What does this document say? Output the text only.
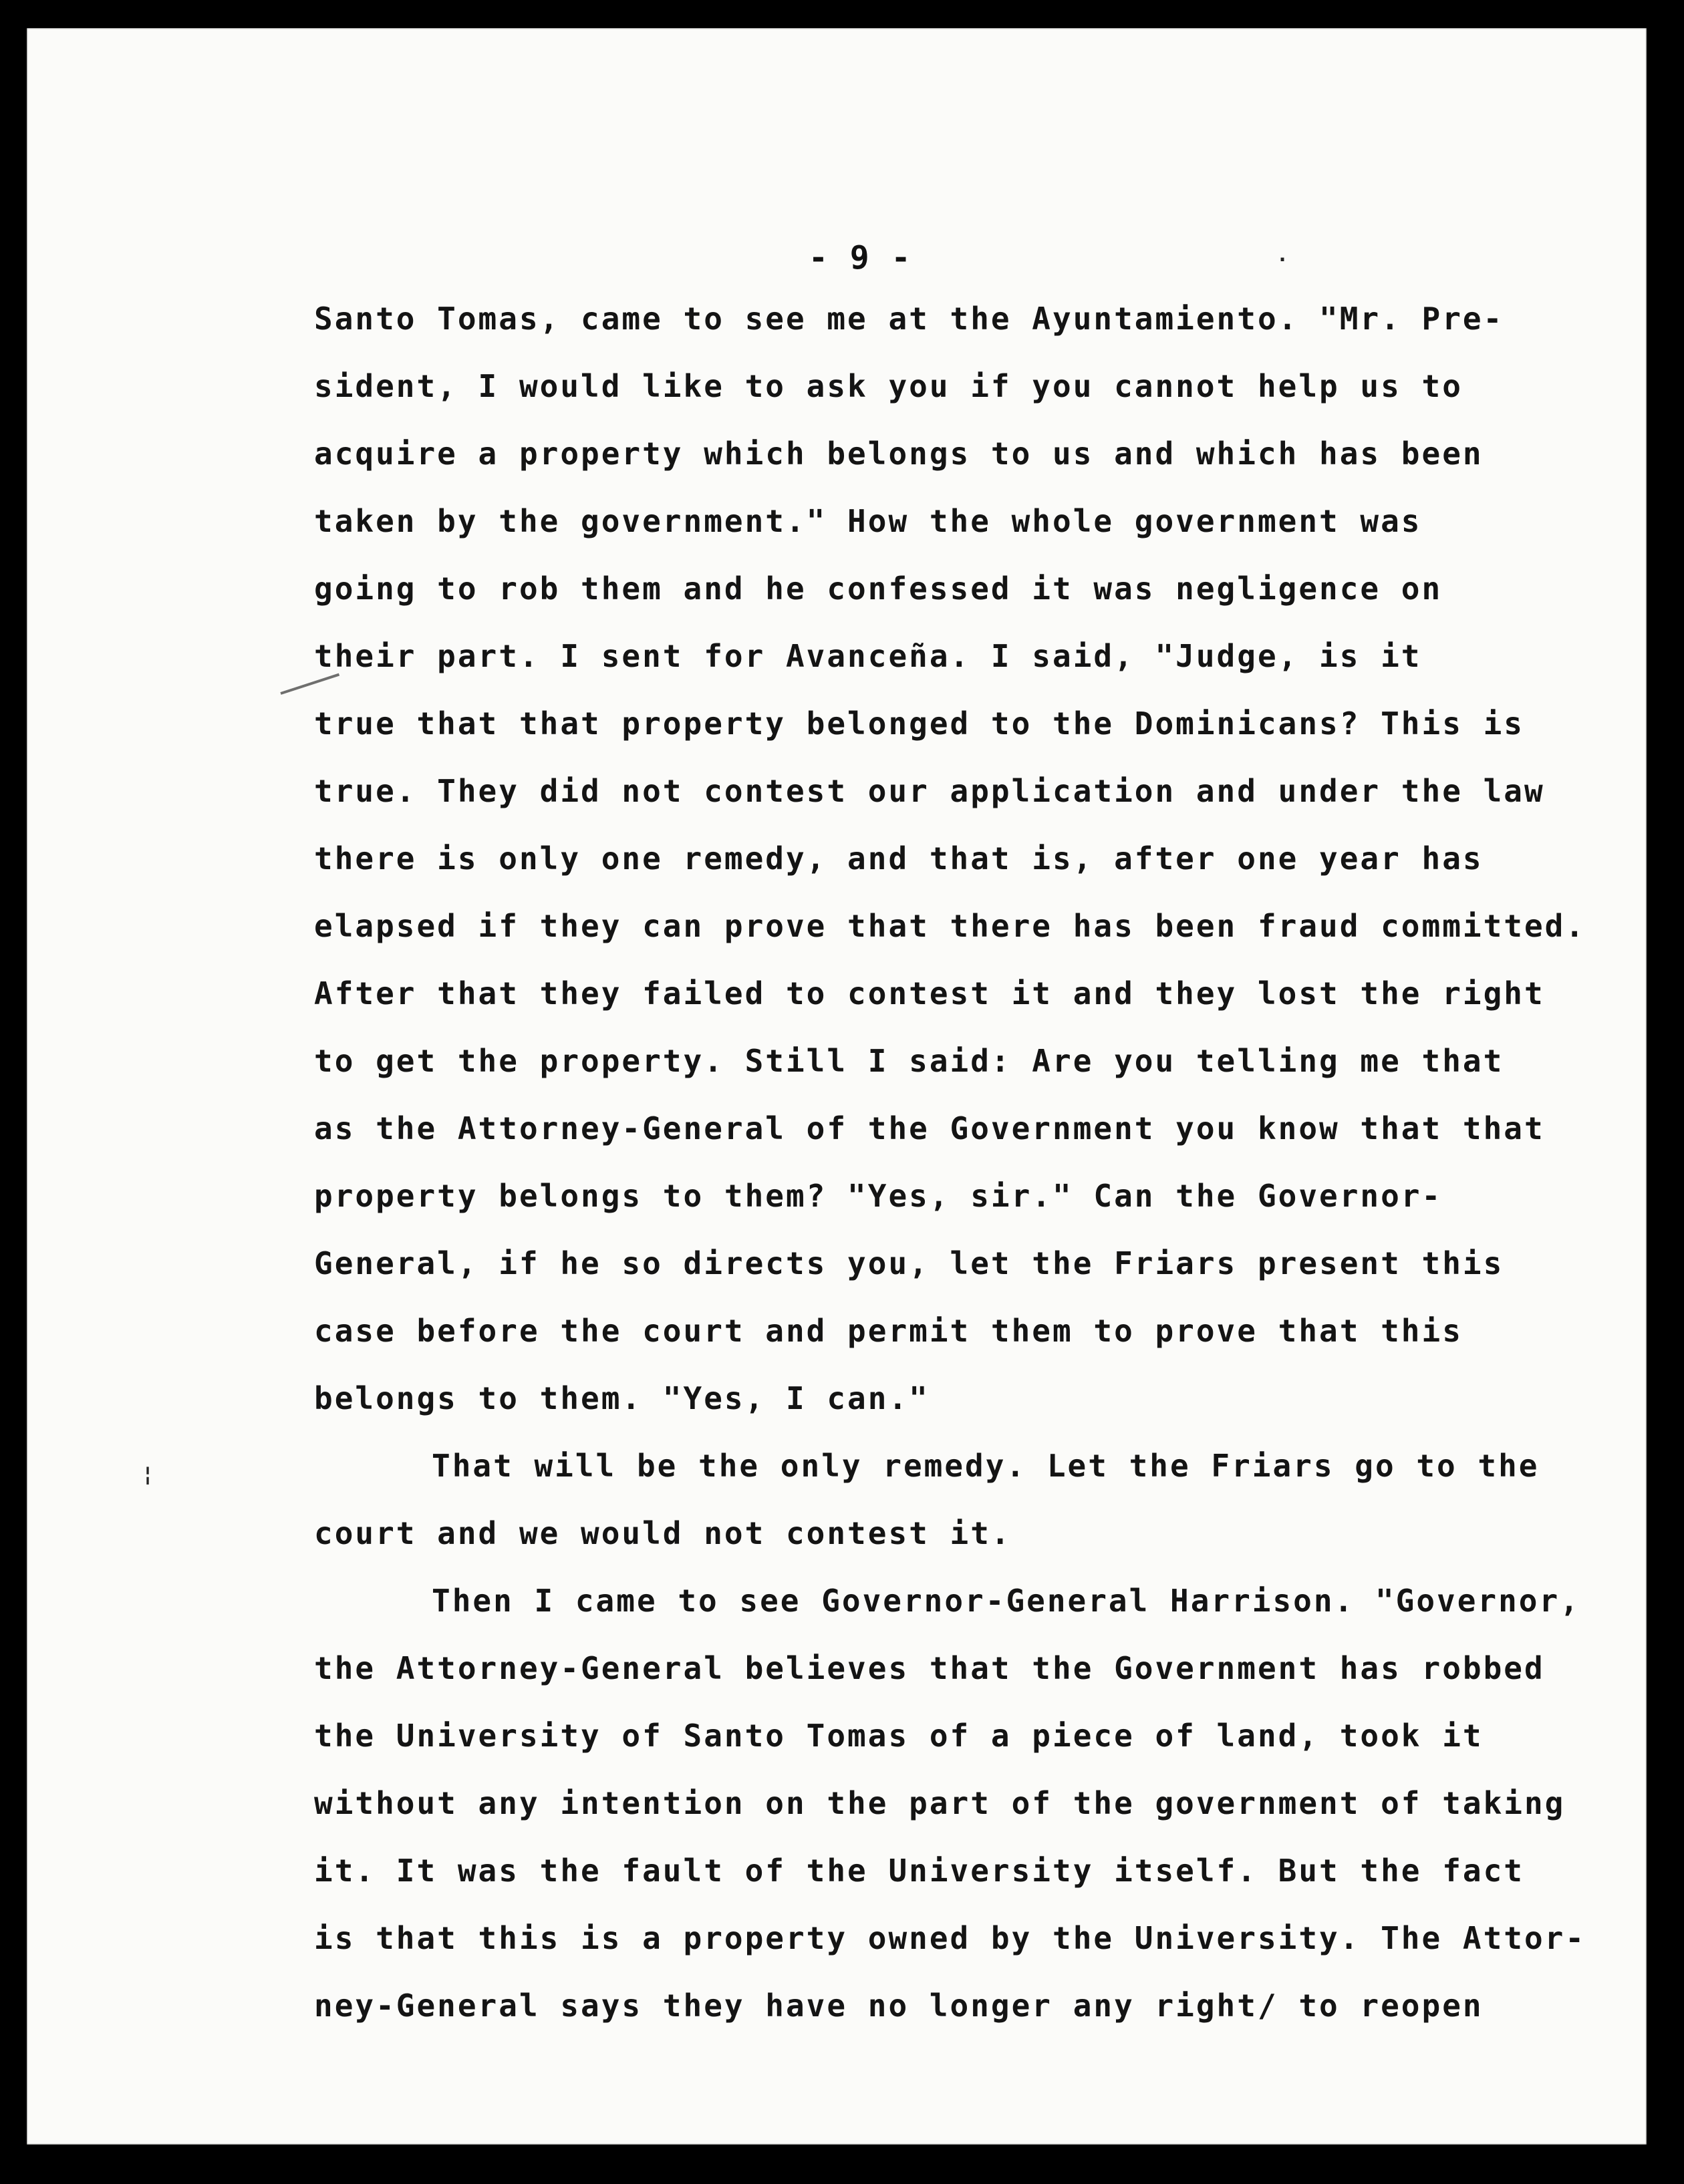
- 9 -	·
¦
Santo Tomas, came to see me at the Ayuntamiento. "Mr. Pre-
sident, I would like to ask you if you cannot help us to
acquire a property which belongs to us and which has been
taken by the government." How the whole government was
going to rob them and he confessed it was negligence on
their part. I sent for Avanceña. I said, "Judge, is it
true that that property belonged to the Dominicans? This is
true. They did not contest our application and under the law
there is only one remedy, and that is, after one year has
elapsed if they can prove that there has been fraud committed.
After that they failed to contest it and they lost the right
to get the property. Still I said: Are you telling me that
as the Attorney-General of the Government you know that that
property belongs to them? "Yes, sir." Can the Governor-
General, if he so directs you, let the Friars present this
case before the court and permit them to prove that this
belongs to them. "Yes, I can."
That will be the only remedy. Let the Friars go to the
court and we would not contest it.
Then I came to see Governor-General Harrison. "Governor,
the Attorney-General believes that the Government has robbed
the University of Santo Tomas of a piece of land, took it
without any intention on the part of the government of taking
it. It was the fault of the University itself. But the fact
is that this is a property owned by the University. The Attor-
ney-General says they have no longer any right/ to reopen
